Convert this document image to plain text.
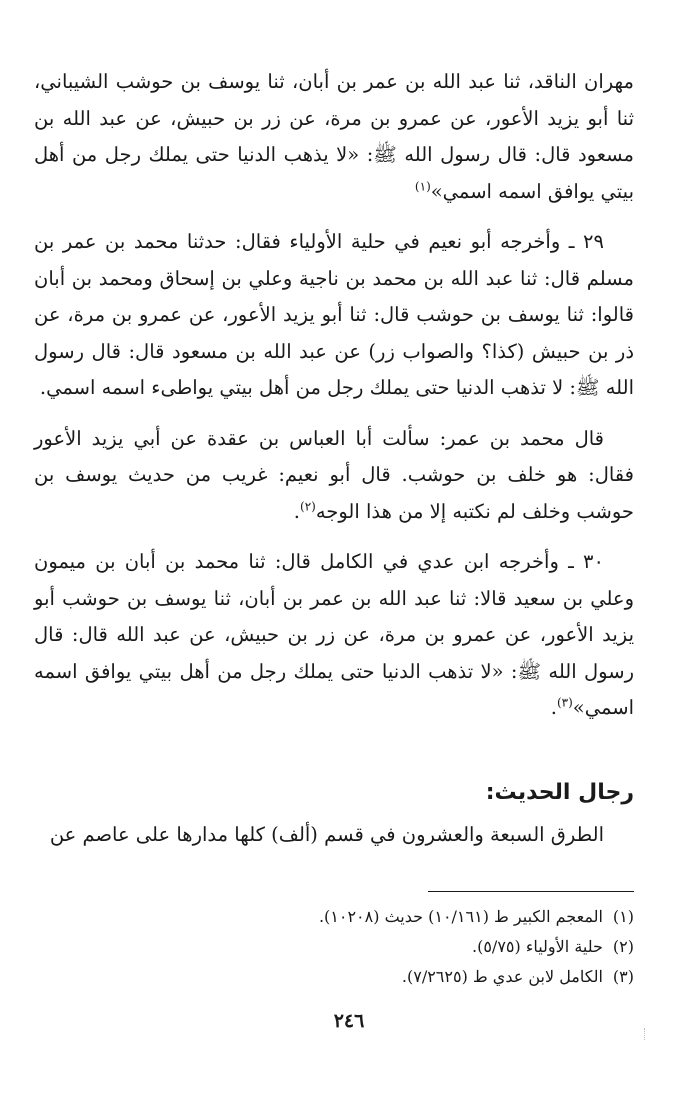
مهران الناقد، ثنا عبد الله بن عمر بن أبان، ثنا يوسف بن حوشب الشيباني، ثنا أبو يزيد الأعور، عن عمرو بن مرة، عن زر بن حبيش، عن عبد الله بن مسعود قال: قال رسول الله ﷺ: «لا يذهب الدنيا حتى يملك رجل من أهل بيتي يوافق اسمه اسمي»$^{(١)}$

٢٩ ـ وأخرجه أبو نعيم في حلية الأولياء فقال: حدثنا محمد بن عمر بن مسلم قال: ثنا عبد الله بن محمد بن ناجية وعلي بن إسحاق ومحمد بن أبان قالوا: ثنا يوسف بن حوشب قال: ثنا أبو يزيد الأعور، عن عمرو بن مرة، عن ذر بن حبيش (كذا؟ والصواب زر) عن عبد الله بن مسعود قال: قال رسول الله ﷺ: لا تذهب الدنيا حتى يملك رجل من أهل بيتي يواطىء اسمه اسمي.

قال محمد بن عمر: سألت أبا العباس بن عقدة عن أبي يزيد الأعور فقال: هو خلف بن حوشب. قال أبو نعيم: غريب من حديث يوسف بن حوشب وخلف لم نكتبه إلا من هذا الوجه$^{(٢)}$.

٣٠ ـ وأخرجه ابن عدي في الكامل قال: ثنا محمد بن أبان بن ميمون وعلي بن سعيد قالا: ثنا عبد الله بن عمر بن أبان، ثنا يوسف بن حوشب أبو يزيد الأعور، عن عمرو بن مرة، عن زر بن حبيش، عن عبد الله قال: قال رسول الله ﷺ: «لا تذهب الدنيا حتى يملك رجل من أهل بيتي يوافق اسمه اسمي»$^{(٣)}$.

رجال الحديث:

الطرق السبعة والعشرون في قسم (ألف) كلها مدارها على عاصم عن

(١)المعجم الكبير ط (١٠/١٦١) حديث (١٠٢٠٨).

(٢)حلية الأولياء (٥/٧٥).

(٣)الكامل لابن عدي ط (٧/٢٦٢٥).

٢٤٦
